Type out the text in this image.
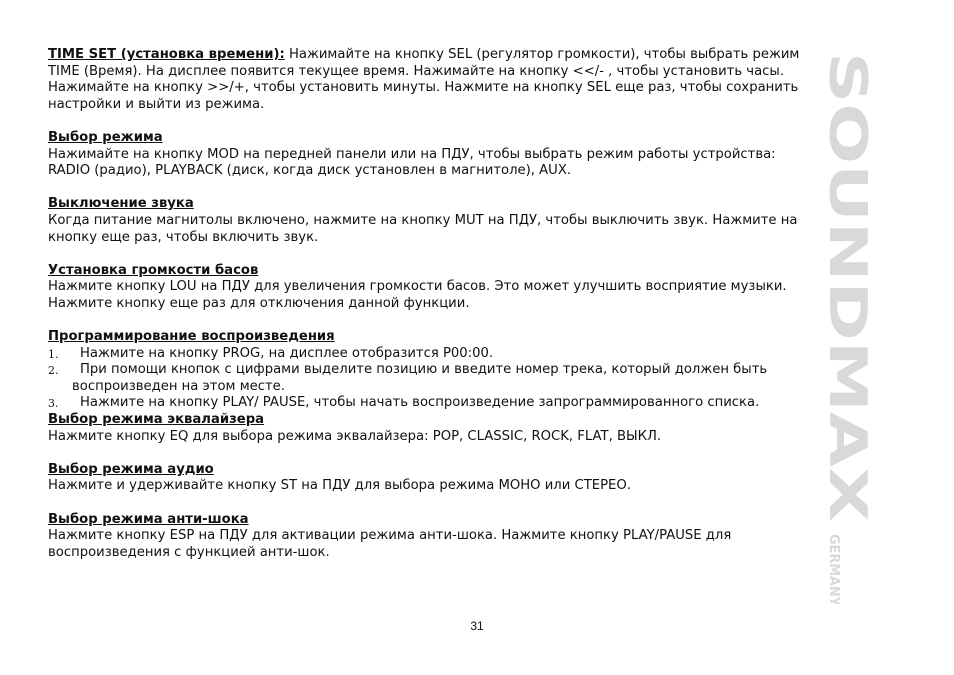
TIME SET (установка времени): Нажимайте на кнопку SEL (регулятор громкости), чтобы выбрать режим TIME (Время). На дисплее появится текущее время. Нажимайте на кнопку <</- , чтобы установить часы. Нажимайте на кнопку >>/+, чтобы установить минуты. Нажмите на кнопку SEL еще раз, чтобы сохранить настройки и выйти из режима.

Выбор режима

Нажимайте на кнопку MOD на передней панели или на ПДУ, чтобы выбрать режим работы устройства: RADIO (радио), PLAYBACK (диск, когда диск установлен в магнитоле), AUX.

Выключение звука

Когда питание магнитолы включено, нажмите на кнопку MUT на ПДУ, чтобы выключить звук. Нажмите на кнопку еще раз, чтобы включить звук.

Установка громкости басов

Нажмите кнопку LOU на ПДУ для увеличения громкости басов. Это может улучшить восприятие музыки. Нажмите кнопку еще раз для отключения данной функции.

Программирование воспроизведения
1. Нажмите на кнопку PROG, на дисплее отобразится P00:00.
2. При помощи кнопок с цифрами выделите позицию и введите номер трека, который должен быть
воспроизведен на этом месте.
3. Нажмите на кнопку PLAY/ PAUSE, чтобы начать воспроизведение запрограммированного списка.
Выбор режима эквалайзера

Нажмите кнопку EQ для выбора режима эквалайзера: POP, CLASSIC, ROCK, FLAT, ВЫКЛ.

Выбор режима аудио

Нажмите и удерживайте кнопку ST на ПДУ для выбора режима МОНО или СТЕРЕО.

Выбор режима анти-шока

Нажмите кнопку ESP на ПДУ для активации режима анти-шока. Нажмите кнопку PLAY/PAUSE для воспроизведения с функцией анти-шок.

31
SOUNDMAX
GERMANY
